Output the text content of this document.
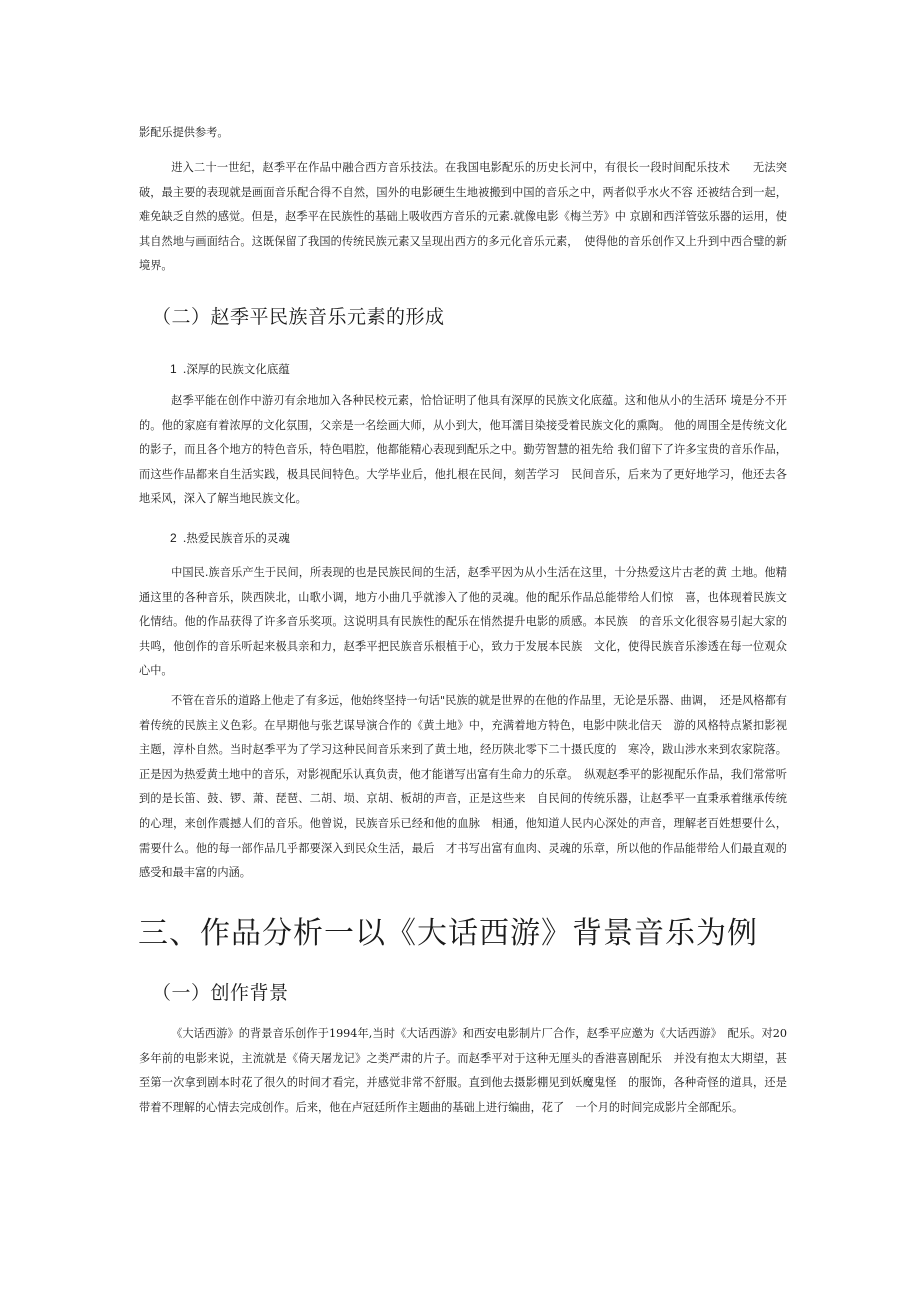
影配乐提供参考。

进入二十一世纪，赵季平在作品中融合西方音乐技法。在我国电影配乐的历史长河中，有很长一段时间配乐技术　　无法突破，最主要的表现就是画面音乐配合得不自然，国外的电影硬生生地被搬到中国的音乐之中，两者似乎水火不容 还被结合到一起，难免缺乏自然的感觉。但是，赵季平在民族性的基础上吸收西方音乐的元素.就像电影《梅兰芳》中 京剧和西洋管弦乐器的运用，使其自然地与画面结合。这既保留了我国的传统民族元素又呈现出西方的多元化音乐元素，　使得他的音乐创作又上升到中西合璧的新境界。

（二）赵季平民族音乐元素的形成
1 .深厚的民族文化底蕴

赵季平能在创作中游刃有余地加入各种民校元素，恰恰证明了他具有深厚的民族文化底蕴。这和他从小的生活环 境是分不开的。他的家庭有着浓厚的文化氛围，父亲是一名绘画大师，从小到大，他耳濡目染接受着民族文化的熏陶。 他的周围全是传统文化的影子，而且各个地方的特色音乐，特色唱腔，他都能精心表现到配乐之中。勤劳智慧的祖先给 我们留下了许多宝贵的音乐作品，而这些作品都来自生活实践，极具民间特色。大学毕业后，他扎根在民间，刻苦学习　民间音乐，后来为了更好地学习，他还去各地采风，深入了解当地民族文化。

2 .热爱民族音乐的灵魂

中国民.族音乐产生于民间，所表现的也是民族民间的生活，赵季平因为从小生活在这里，十分热爱这片古老的黄 土地。他精通这里的各种音乐，陕西陕北，山歌小调，地方小曲几乎就渗入了他的灵魂。他的配乐作品总能带给人们惊　喜，也体现着民族文化情结。他的作品获得了许多音乐奖项。这说明具有民族性的配乐在悄然提升电影的质感。本民族　的音乐文化很容易引起大家的共鸣，他创作的音乐听起来极具亲和力，赵季平把民族音乐根植于心，致力于发展本民族　文化，使得民族音乐渗透在每一位观众心中。

不管在音乐的道路上他走了有多远，他始终坚持一句话"民族的就是世界的在他的作品里，无论是乐器、曲调，　还是风格都有着传统的民族主义色彩。在早期他与张艺谋导演合作的《黄土地》中，充满着地方特色，电影中陕北信天　游的风格特点紧扣影视主题，淳朴自然。当时赵季平为了学习这种民间音乐来到了黄土地，经历陕北零下二十摄氏度的　寒冷，跋山涉水来到农家院落。正是因为热爱黄土地中的音乐，对影视配乐认真负责，他才能谱写出富有生命力的乐章。　纵观赵季平的影视配乐作品，我们常常听到的是长笛、鼓、锣、萧、琵琶、二胡、埙、京胡、板胡的声音，正是这些来　自民间的传统乐器，让赵季平一直秉承着继承传统的心理，来创作震撼人们的音乐。他曾说，民族音乐已经和他的血脉　相通，他知道人民内心深处的声音，理解老百姓想要什么，需要什么。他的每一部作品几乎都要深入到民众生活，最后　才书写出富有血肉、灵魂的乐章，所以他的作品能带给人们最直观的感受和最丰富的内涵。

三、作品分析一以《大话西游》背景音乐为例
（一）创作背景

《大话西游》的背景音乐创作于1994年,当时《大话西游》和西安电影制片厂合作，赵季平应邀为《大话西游》　配乐。对20多年前的电影来说，主流就是《倚天屠龙记》之类严肃的片子。而赵季平对于这种无厘头的香港喜剧配乐　并没有抱太大期望，甚至第一次拿到剧本时花了很久的时间才看完，并感觉非常不舒服。直到他去摄影棚见到妖魔鬼怪　的服饰，各种奇怪的道具，还是带着不理解的心情去完成创作。后来，他在卢冠廷所作主题曲的基础上进行编曲，花了　一个月的时间完成影片全部配乐。
